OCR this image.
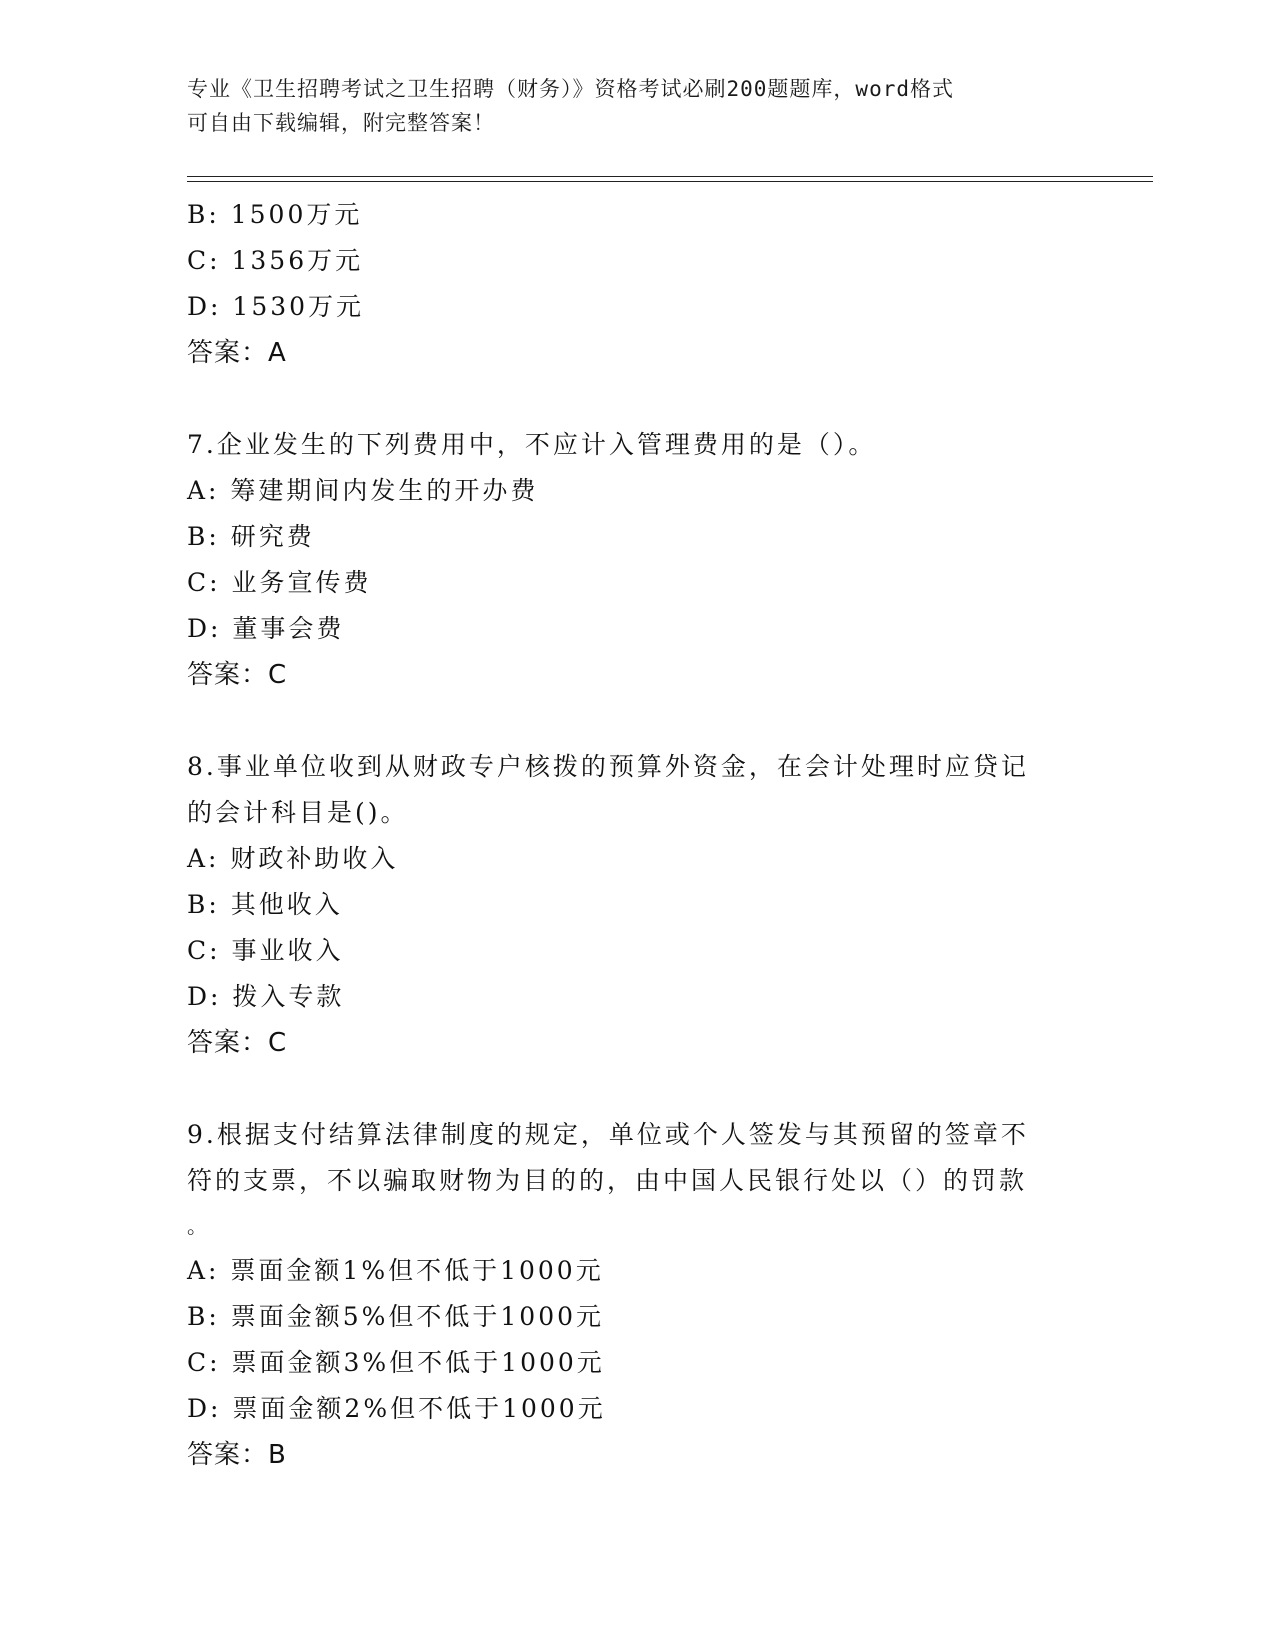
专业《卫生招聘考试之卫生招聘（财务）》资格考试必刷200题题库，word格式
可自由下载编辑，附完整答案！
B: 1500万元
C: 1356万元
D: 1530万元
答案：A
7.企业发生的下列费用中，不应计入管理费用的是（）。
A: 筹建期间内发生的开办费
B: 研究费
C: 业务宣传费
D: 董事会费
答案：C
8.事业单位收到从财政专户核拨的预算外资金，在会计处理时应贷记
的会计科目是()。
A: 财政补助收入
B: 其他收入
C: 事业收入
D: 拨入专款
答案：C
9.根据支付结算法律制度的规定，单位或个人签发与其预留的签章不
符的支票，不以骗取财物为目的的，由中国人民银行处以（）的罚款
。
A: 票面金额1%但不低于1000元
B: 票面金额5%但不低于1000元
C: 票面金额3%但不低于1000元
D: 票面金额2%但不低于1000元
答案：B
